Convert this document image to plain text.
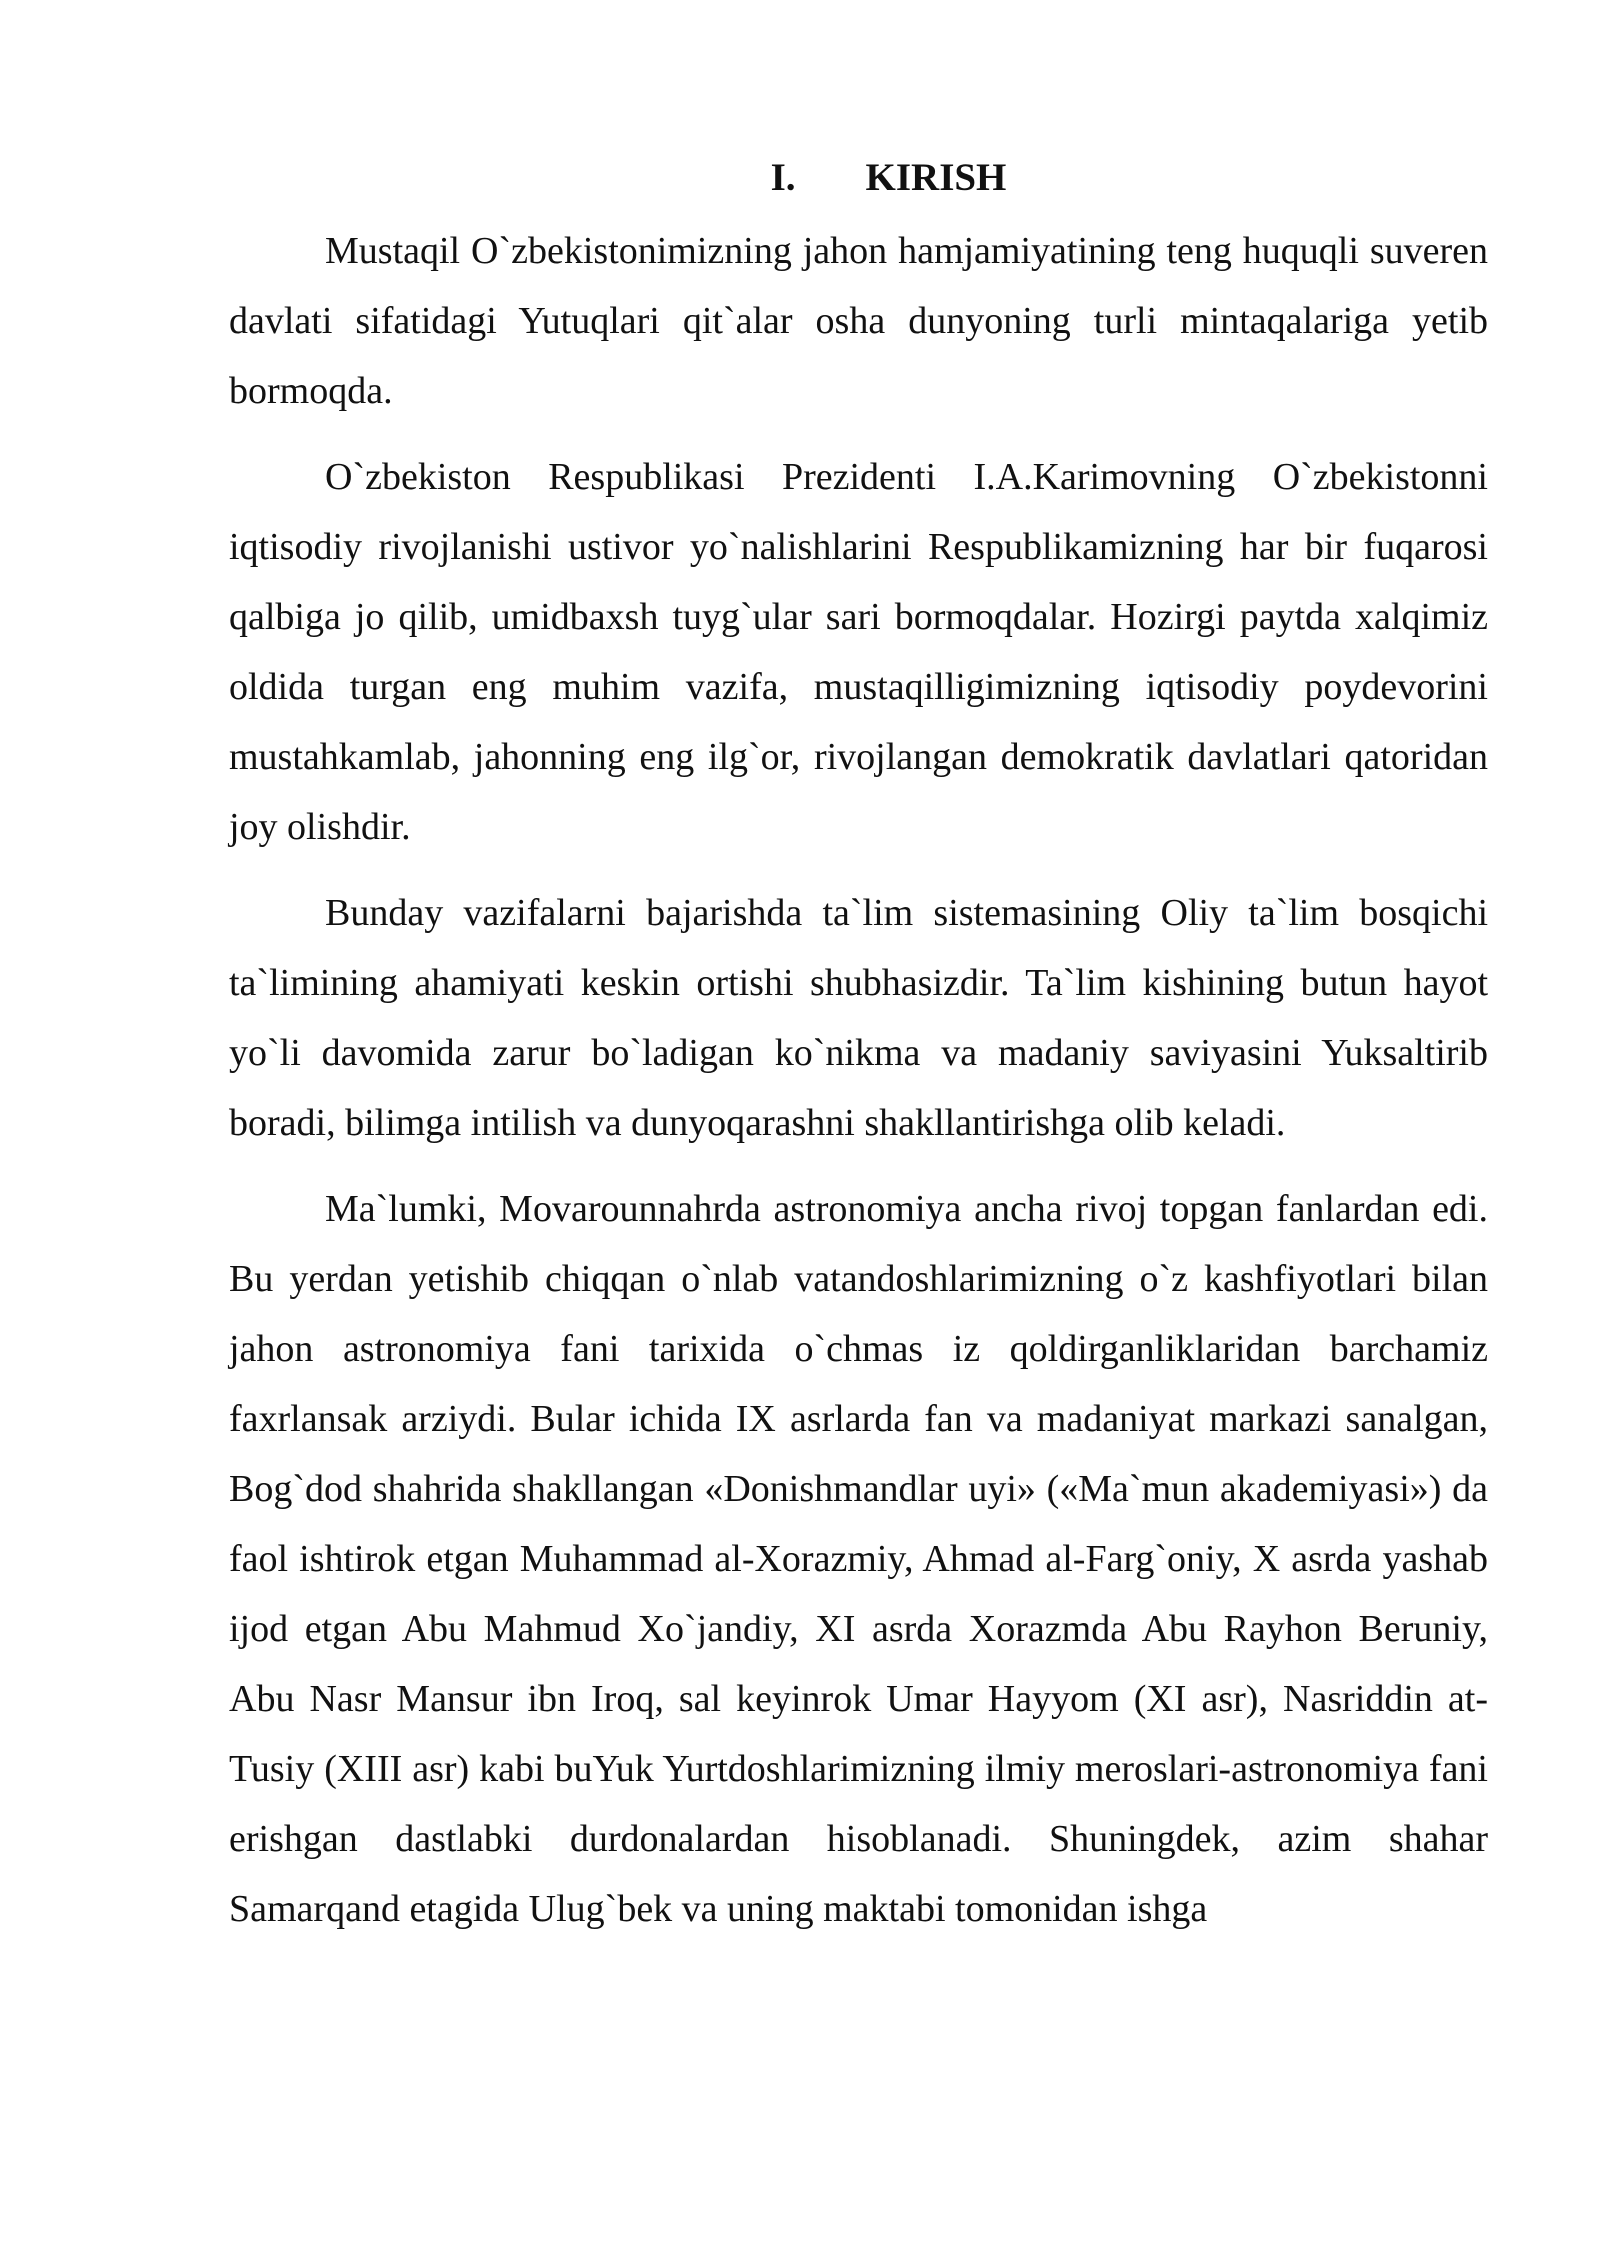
I. KIRISH

Mustaqil O`zbekistonimizning jahon hamjamiyatining teng huquqli suveren davlati sifatidagi Yutuqlari qit`alar osha dunyoning turli mintaqalariga yetib bormoqda.

O`zbekiston Respublikasi Prezidenti I.A.Karimovning O`zbekistonni iqtisodiy rivojlanishi ustivor yo`nalishlarini Respublikamizning har bir fuqarosi qalbiga jo qilib, umidbaxsh tuyg`ular sari bormoqdalar. Hozirgi paytda xalqimiz oldida turgan eng muhim vazifa, mustaqilligimizning iqtisodiy poydevorini mustahkamlab, jahonning eng ilg`or, rivojlangan demokratik davlatlari qatoridan joy olishdir.

Bunday vazifalarni bajarishda ta`lim sistemasining Oliy ta`lim bosqichi ta`limining ahamiyati keskin ortishi shubhasizdir. Ta`lim kishining butun hayot yo`li davomida zarur bo`ladigan ko`nikma va madaniy saviyasini Yuksaltirib boradi, bilimga intilish va dunyoqarashni shakllantirishga olib keladi.

Ma`lumki, Movarounnahrda astronomiya ancha rivoj topgan fanlardan edi. Bu yerdan yetishib chiqqan o`nlab vatandoshlarimizning o`z kashfiyotlari bilan jahon astronomiya fani tarixida o`chmas iz qoldirganliklaridan barchamiz faxrlansak arziydi. Bular ichida IX asrlarda fan va madaniyat markazi sanalgan, Bog`dod shahrida shakllangan «Donishmandlar uyi» («Ma`mun akademiyasi») da faol ishtirok etgan Muhammad al-Xorazmiy, Ahmad al-Farg`oniy, X asrda yashab ijod etgan Abu Mahmud Xo`jandiy, XI asrda Xorazmda Abu Rayhon Beruniy, Abu Nasr Mansur ibn Iroq, sal keyinrok Umar Hayyom (XI asr), Nasriddin at-Tusiy (XIII asr) kabi buYuk Yurtdoshlarimizning ilmiy meroslari-astronomiya fani erishgan dastlabki durdonalardan hisoblanadi. Shuningdek, azim shahar Samarqand etagida Ulug`bek va uning maktabi tomonidan ishga
